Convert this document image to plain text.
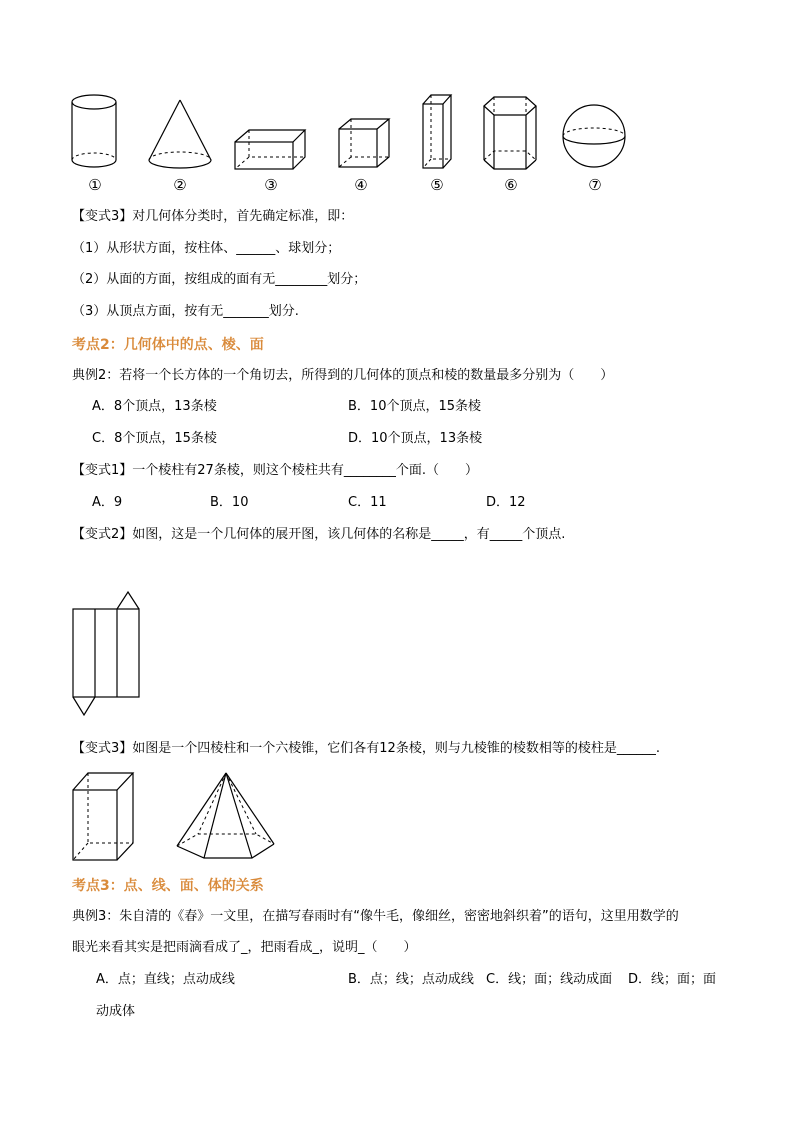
①	②	③	④	⑤	⑥	⑦
【变式3】对几何体分类时，首先确定标准，即：
（1）从形状方面，按柱体、______、球划分；
（2）从面的方面，按组成的面有无________划分；
（3）从顶点方面，按有无_______划分.
考点2：几何体中的点、棱、面
典例2：若将一个长方体的一个角切去，所得到的几何体的顶点和棱的数量最多分别为（　　）
A．8个顶点，13条棱	B．10个顶点，15条棱
C．8个顶点，15条棱	D．10个顶点，13条棱
【变式1】一个棱柱有27条棱，则这个棱柱共有________个面.（　　）
A．9	B．10	C．11	D．12
【变式2】如图，这是一个几何体的展开图，该几何体的名称是_____，有_____个顶点.
【变式3】如图是一个四棱柱和一个六棱锥，它们各有12条棱，则与九棱锥的棱数相等的棱柱是______.
考点3：点、线、面、体的关系
典例3：朱自清的《春》一文里，在描写春雨时有“像牛毛，像细丝，密密地斜织着”的语句，这里用数学的
眼光来看其实是把雨滴看成了_，把雨看成_，说明_（　　）
A．点；直线；点动成线	B．点；线；点动成线 C．线；面；线动成面 D．线；面；面
动成体
